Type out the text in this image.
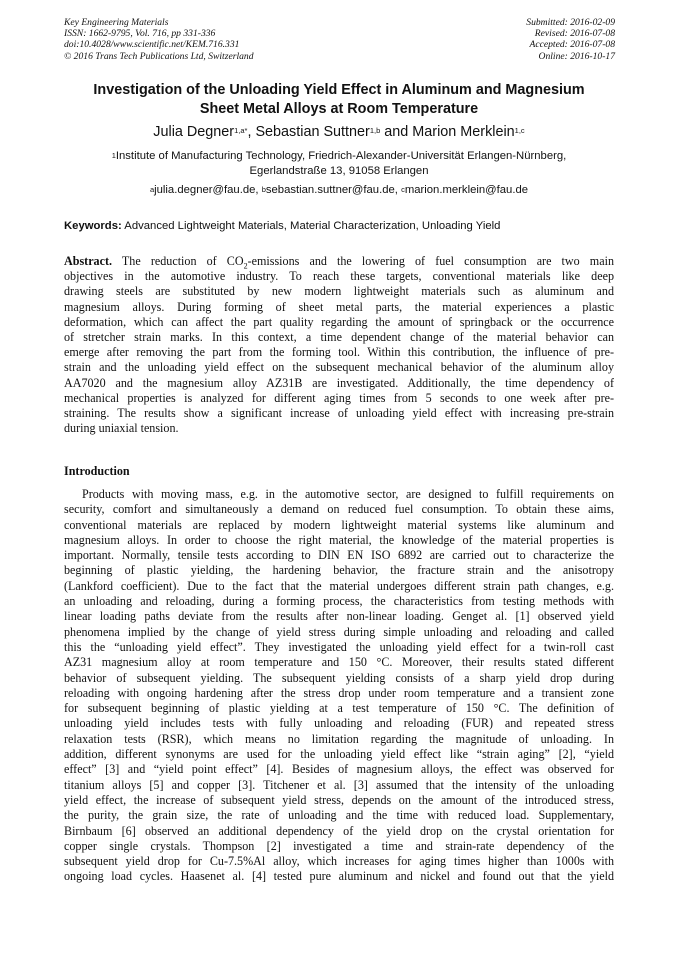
Key Engineering Materials
ISSN: 1662-9795, Vol. 716, pp 331-336
doi:10.4028/www.scientific.net/KEM.716.331
© 2016 Trans Tech Publications Ltd, Switzerland
Submitted: 2016-02-09
Revised: 2016-07-08
Accepted: 2016-07-08
Online: 2016-10-17
Investigation of the Unloading Yield Effect in Aluminum and Magnesium
Sheet Metal Alloys at Room Temperature
Julia Degner$^{1,a*}$, Sebastian Suttner$^{1,b}$ and Marion Merklein$^{1,c}$
$^1$Institute of Manufacturing Technology, Friedrich-Alexander-Universität Erlangen-Nürnberg,
Egerlandstraße 13, 91058 Erlangen
$^a$julia.degner@fau.de, $^b$sebastian.suttner@fau.de, $^c$marion.merklein@fau.de
Keywords: Advanced Lightweight Materials, Material Characterization, Unloading Yield
Abstract. The reduction of $CO_2$-emissions and the lowering of fuel consumption are two main
objectives in the automotive industry. To reach these targets, conventional materials like deep
drawing steels are substituted by new modern lightweight materials such as aluminum and
magnesium alloys. During forming of sheet metal parts, the material experiences a plastic
deformation, which can affect the part quality regarding the amount of springback or the occurrence
of stretcher strain marks. In this context, a time dependent change of the material behavior can
emerge after removing the part from the forming tool. Within this contribution, the influence of pre-
strain and the unloading yield effect on the subsequent mechanical behavior of the aluminum alloy
AA7020 and the magnesium alloy AZ31B are investigated. Additionally, the time dependency of
mechanical properties is analyzed for different aging times from 5 seconds to one week after pre-
straining. The results show a significant increase of unloading yield effect with increasing pre-strain
during uniaxial tension.
Introduction
Products with moving mass, e.g. in the automotive sector, are designed to fulfill requirements on
security, comfort and simultaneously a demand on reduced fuel consumption. To obtain these aims,
conventional materials are replaced by modern lightweight material systems like aluminum and
magnesium alloys. In order to choose the right material, the knowledge of the material properties is
important. Normally, tensile tests according to DIN EN ISO 6892 are carried out to characterize the
beginning of plastic yielding, the hardening behavior, the fracture strain and the anisotropy
(Lankford coefficient). Due to the fact that the material undergoes different strain path changes, e.g.
an unloading and reloading, during a forming process, the characteristics from testing methods with
linear loading paths deviate from the results after non-linear loading. Genget al. [1] observed yield
phenomena implied by the change of yield stress during simple unloading and reloading and called
this the “unloading yield effect”. They investigated the unloading yield effect for a twin-roll cast
AZ31 magnesium alloy at room temperature and 150 °C. Moreover, their results stated different
behavior of subsequent yielding. The subsequent yielding consists of a sharp yield drop during
reloading with ongoing hardening after the stress drop under room temperature and a transient zone
for subsequent beginning of plastic yielding at a test temperature of 150 °C. The definition of
unloading yield includes tests with fully unloading and reloading (FUR) and repeated stress
relaxation tests (RSR), which means no limitation regarding the magnitude of unloading. In
addition, different synonyms are used for the unloading yield effect like “strain aging” [2], “yield
effect” [3] and “yield point effect” [4]. Besides of magnesium alloys, the effect was observed for
titanium alloys [5] and copper [3]. Titchener et al. [3] assumed that the intensity of the unloading
yield effect, the increase of subsequent yield stress, depends on the amount of the introduced stress,
the purity, the grain size, the rate of unloading and the time with reduced load. Supplementary,
Birnbaum [6] observed an additional dependency of the yield drop on the crystal orientation for
copper single crystals. Thompson [2] investigated a time and strain-rate dependency of the
subsequent yield drop for Cu-7.5%Al alloy, which increases for aging times higher than 1000s with
ongoing load cycles. Haasenet al. [4] tested pure aluminum and nickel and found out that the yield
